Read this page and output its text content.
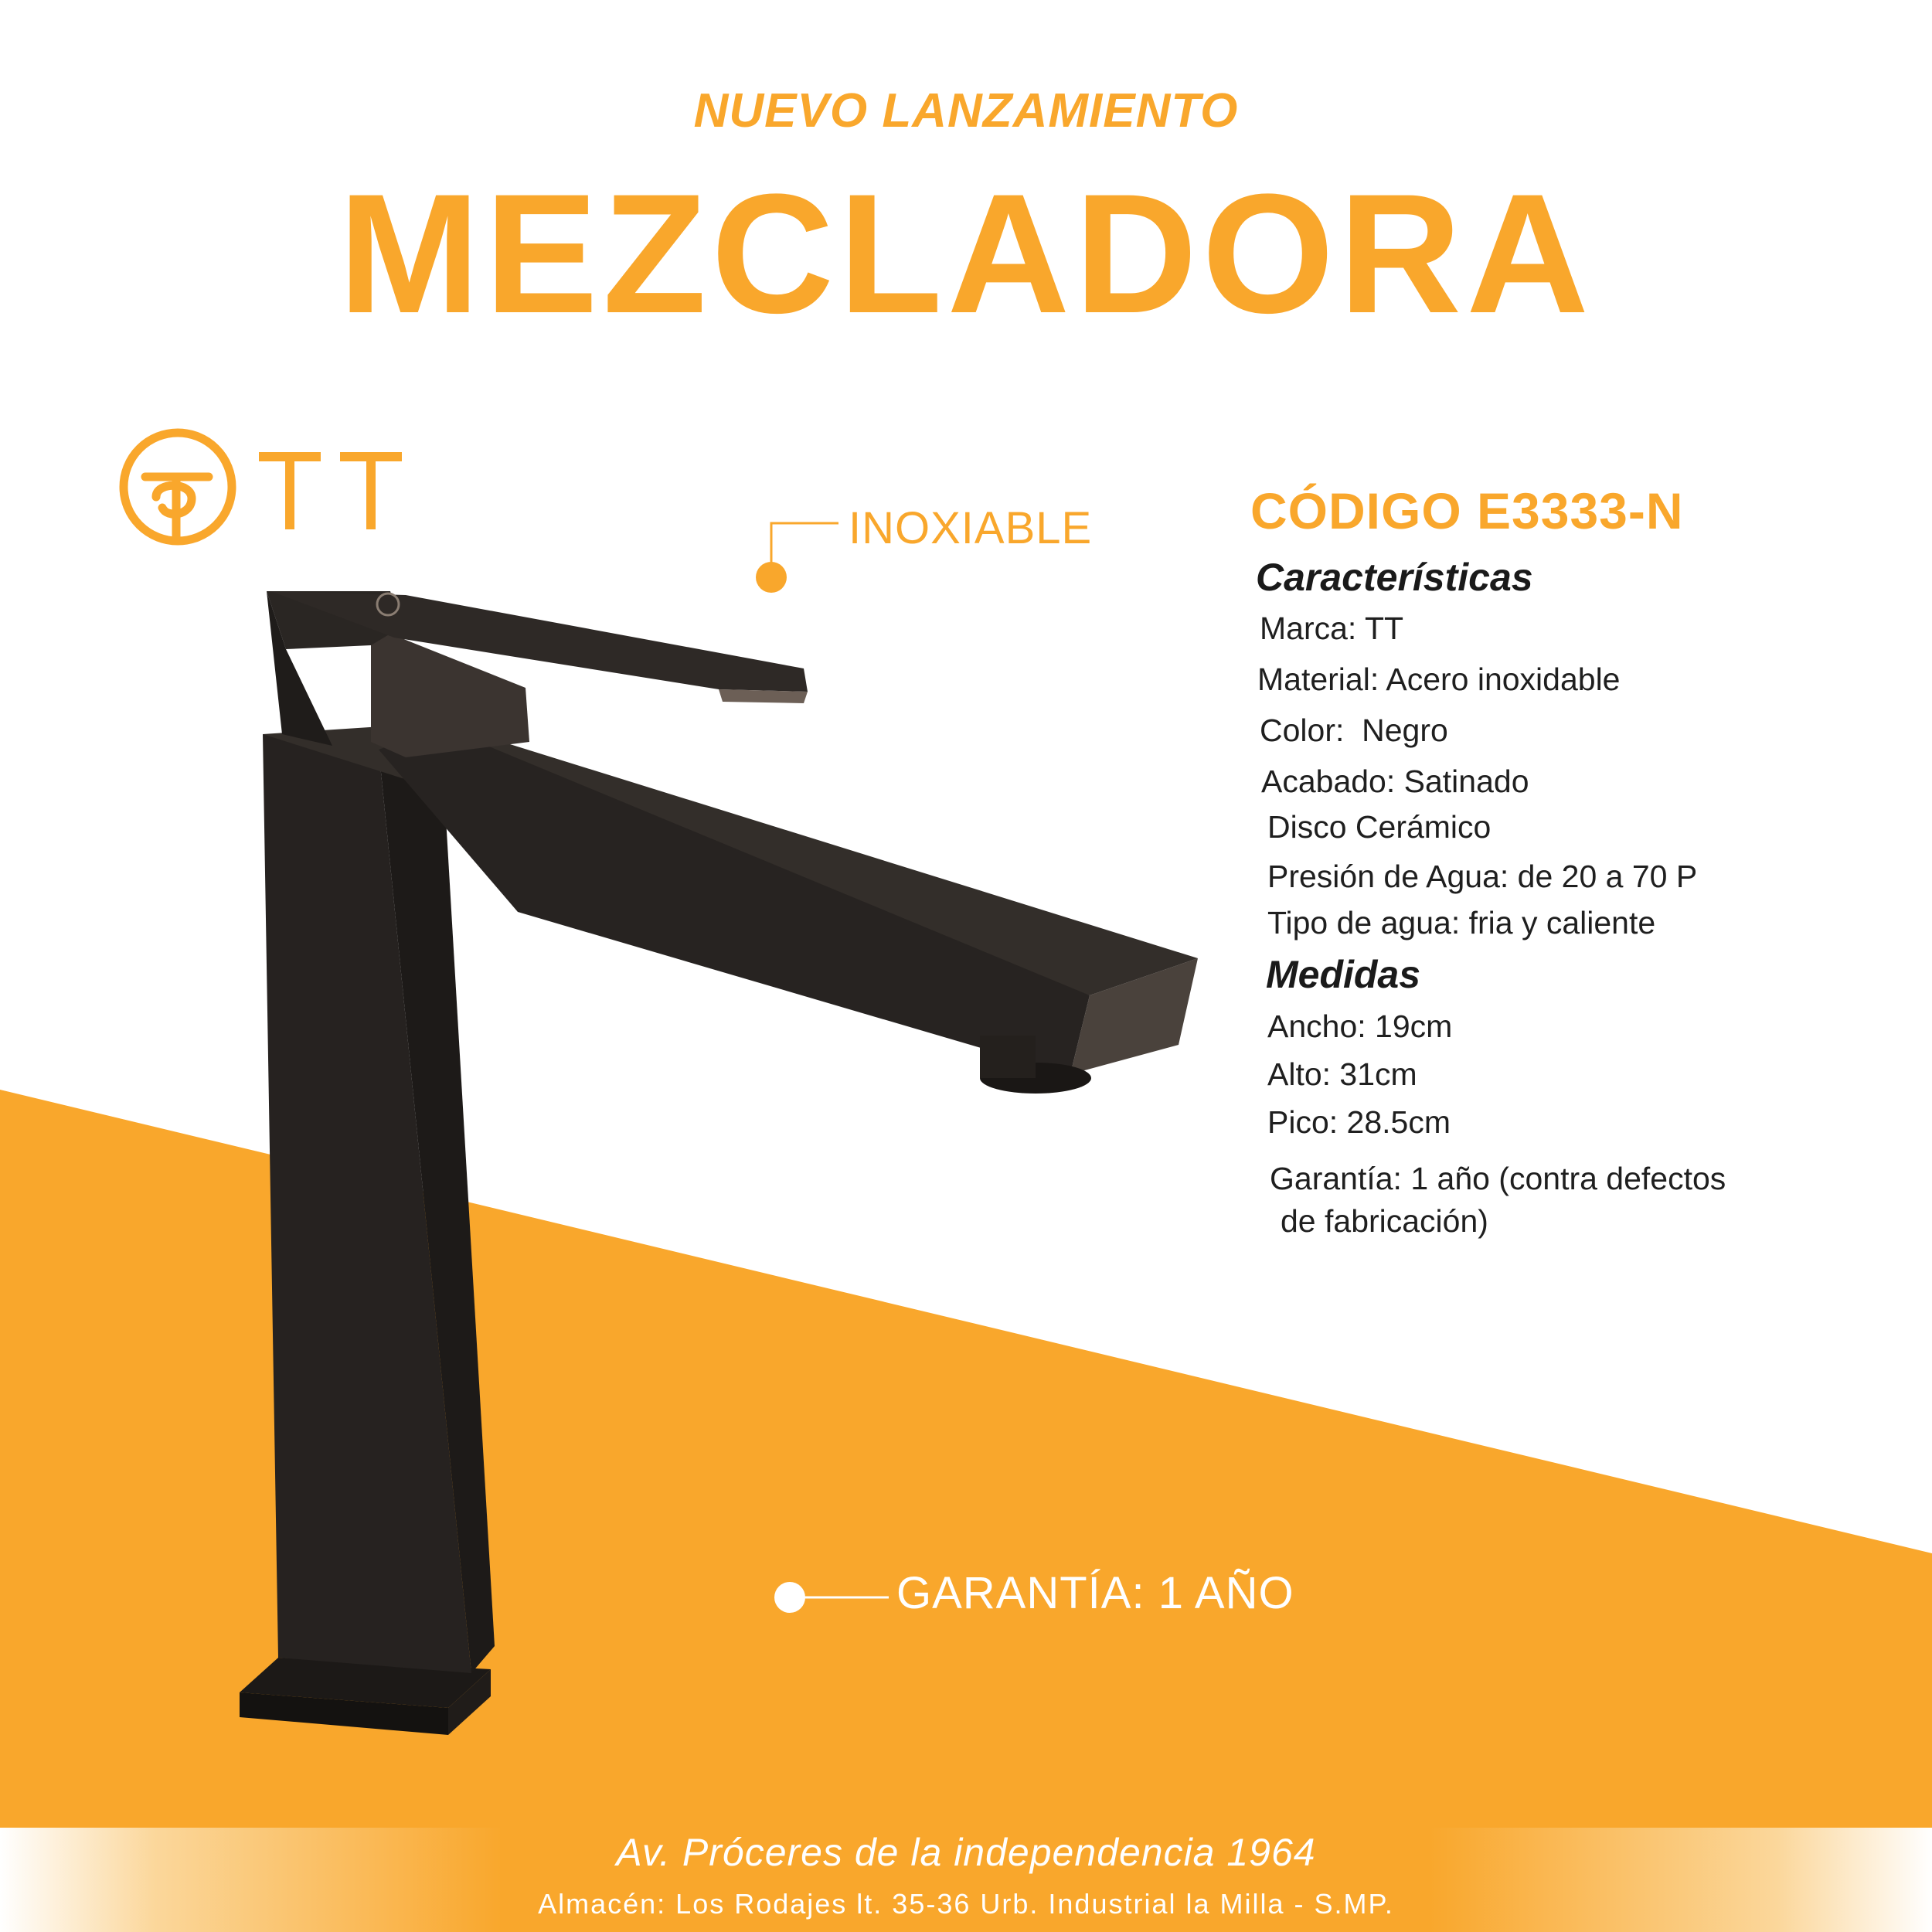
NUEVO LANZAMIENTO
MEZCLADORA
INOXIABLE
GARANTÍA: 1 AÑO
CÓDIGO E3333-N
Características
Marca: TT
Material: Acero inoxidable
Color:  Negro
Acabado: Satinado
Disco Cerámico
Presión de Agua: de 20 a 70 P
Tipo de agua: fria y caliente
Medidas
Ancho: 19cm
Alto: 31cm
Pico: 28.5cm
Garantía: 1 año (contra defectos
de fabricación)
Av. Próceres de la independencia 1964
Almacén: Los Rodajes lt. 35-36 Urb. Industrial la Milla - S.MP.
